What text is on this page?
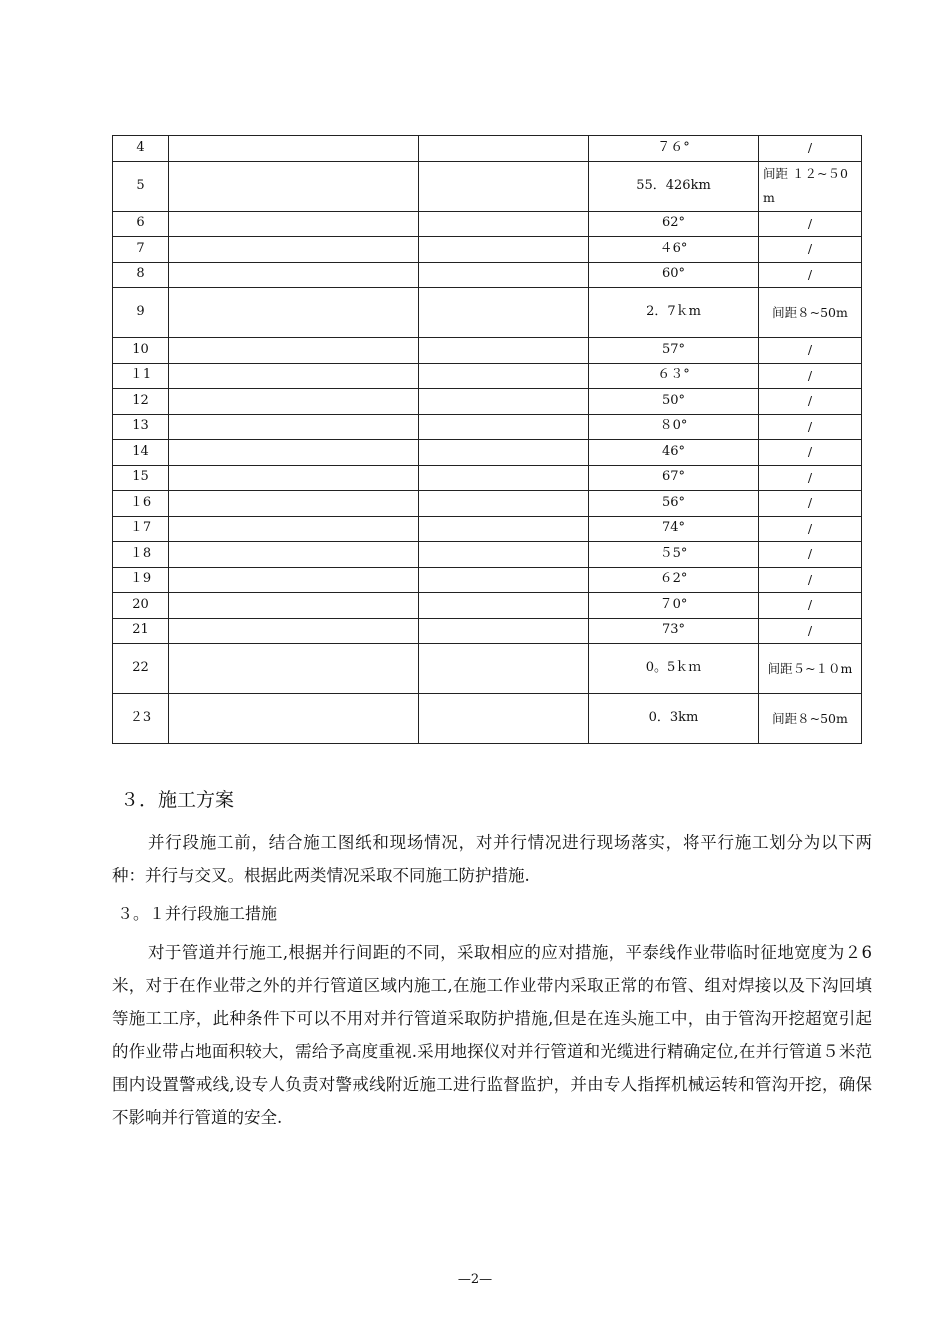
4			７６°	/
5			55．426km	间距 １２~５0m
6			62°	/
7			４6°	/
8			60°	/
9			2．7ｋm	间距８~50m
10			57°	/
１1			６３°	/
12			50°	/
13			８0°	/
14			46°	/
15			67°	/
１6			56°	/
１7			74°	/
１8			５5°	/
１9			６2°	/
20			７0°	/
21			73°	/
22			0。5ｋｍ	间距５~１０m
２3			0．3km	间距８~50m
３．施工方案

并行段施工前，结合施工图纸和现场情况，对并行情况进行现场落实，将平行施工划分为以下两种：并行与交叉。根据此两类情况采取不同施工防护措施.

３。１并行段施工措施

对于管道并行施工,根据并行间距的不同，采取相应的应对措施，平泰线作业带临时征地宽度为２6米，对于在作业带之外的并行管道区域内施工,在施工作业带内采取正常的布管、组对焊接以及下沟回填等施工工序，此种条件下可以不用对并行管道采取防护措施,但是在连头施工中，由于管沟开挖超宽引起的作业带占地面积较大，需给予高度重视.采用地探仪对并行管道和光缆进行精确定位,在并行管道５米范围内设置警戒线,设专人负责对警戒线附近施工进行监督监护，并由专人指挥机械运转和管沟开挖，确保不影响并行管道的安全.

—2—
